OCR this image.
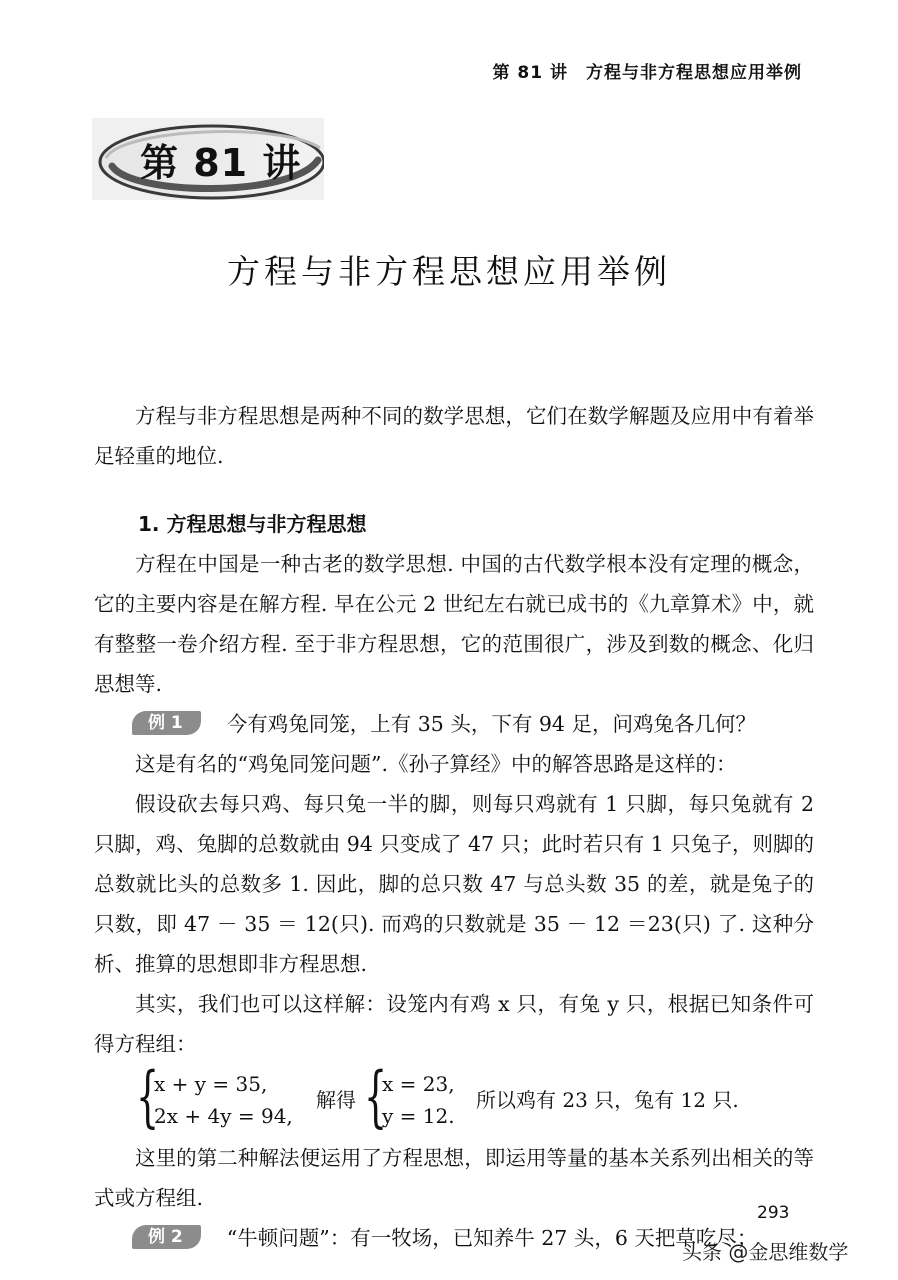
第 81 讲　方程与非方程思想应用举例
第 81 讲
方程与非方程思想应用举例

方程与非方程思想是两种不同的数学思想，它们在数学解题及应用中有着举足轻重的地位.

1. 方程思想与非方程思想

方程在中国是一种古老的数学思想. 中国的古代数学根本没有定理的概念，它的主要内容是在解方程. 早在公元 2 世纪左右就已成书的《九章算术》中，就有整整一卷介绍方程. 至于非方程思想，它的范围很广，涉及到数的概念、化归思想等.

例 1 今有鸡兔同笼，上有 35 头，下有 94 足，问鸡兔各几何？

这是有名的“鸡兔同笼问题”.《孙子算经》中的解答思路是这样的：

假设砍去每只鸡、每只兔一半的脚，则每只鸡就有 1 只脚，每只兔就有 2 只脚，鸡、兔脚的总数就由 94 只变成了 47 只；此时若只有 1 只兔子，则脚的总数就比头的总数多 1. 因此，脚的总只数 47 与总头数 35 的差，就是兔子的只数，即 47 － 35 ＝ 12(只). 而鸡的只数就是 35 － 12 ＝23(只) 了. 这种分析、推算的思想即非方程思想.

其实，我们也可以这样解：设笼内有鸡 x 只，有兔 y 只，根据已知条件可得方程组：

{
x + y = 35,
2x + 4y = 94,
解得 {
x = 23,
y = 12.
所以鸡有 23 只，兔有 12 只.

这里的第二种解法便运用了方程思想，即运用等量的基本关系列出相关的等式或方程组.

例 2 “牛顿问题”：有一牧场，已知养牛 27 头，6 天把草吃尽；
293
头条 @金思维数学
